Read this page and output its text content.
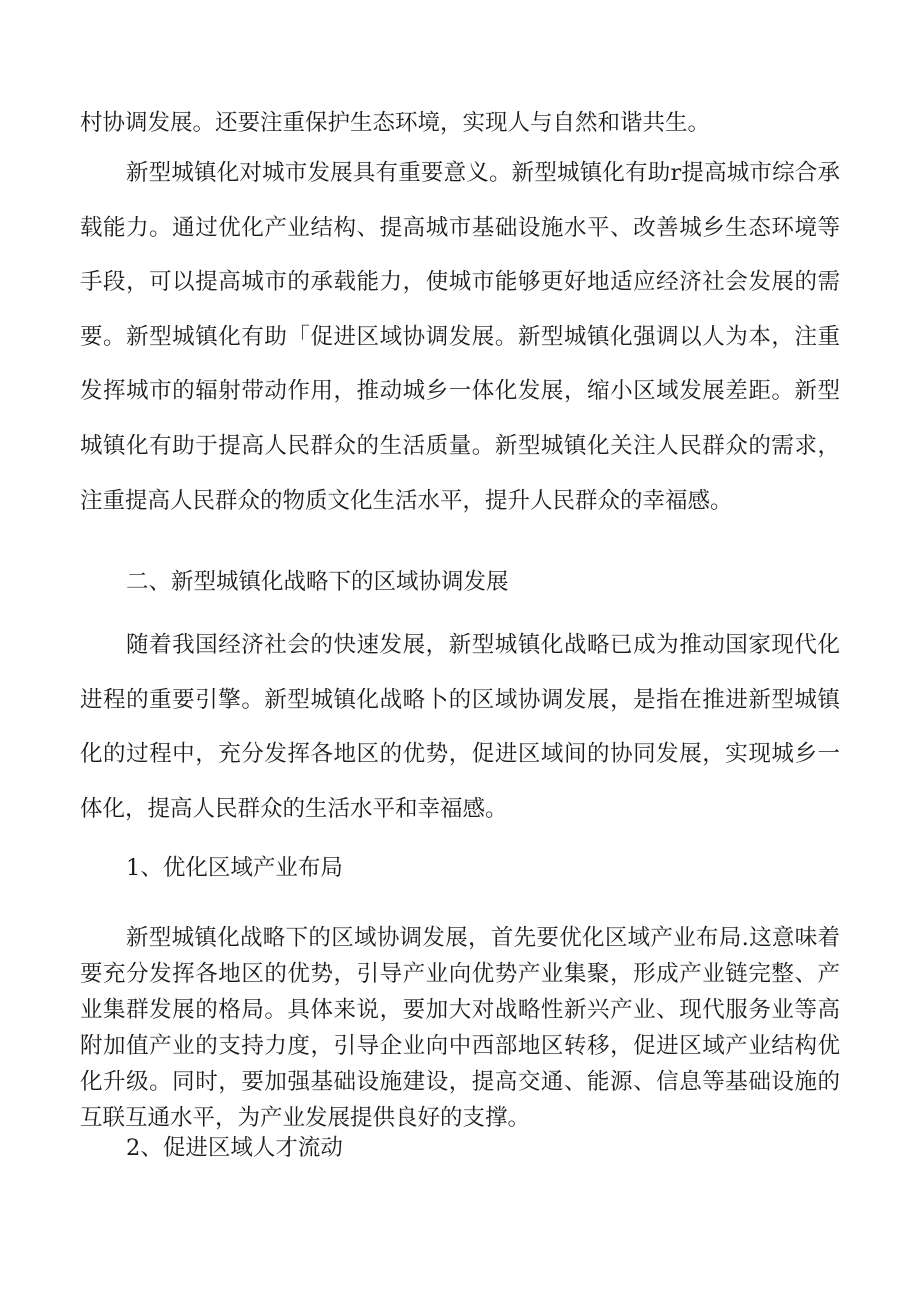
村协调发展。还要注重保护生态环境，实现人与自然和谐共生。

新型城镇化对城市发展具有重要意义。新型城镇化有助r提高城市综合承载能力。通过优化产业结构、提高城市基础设施水平、改善城乡生态环境等手段，可以提高城市的承载能力，使城市能够更好地适应经济社会发展的需要。新型城镇化有助「促进区域协调发展。新型城镇化强调以人为本，注重发挥城市的辐射带动作用，推动城乡一体化发展，缩小区域发展差距。新型城镇化有助于提高人民群众的生活质量。新型城镇化关注人民群众的需求，注重提高人民群众的物质文化生活水平，提升人民群众的幸福感。

二、新型城镇化战略下的区域协调发展

随着我国经济社会的快速发展，新型城镇化战略已成为推动国家现代化进程的重要引擎。新型城镇化战略卜的区域协调发展，是指在推进新型城镇化的过程中，充分发挥各地区的优势，促进区域间的协同发展，实现城乡一体化，提高人民群众的生活水平和幸福感。

1、优化区域产业布局

新型城镇化战略下的区域协调发展，首先要优化区域产业布局.这意味着要充分发挥各地区的优势，引导产业向优势产业集聚，形成产业链完整、产业集群发展的格局。具体来说，要加大对战略性新兴产业、现代服务业等高附加值产业的支持力度，引导企业向中西部地区转移，促进区域产业结构优化升级。同时，要加强基础设施建设，提高交通、能源、信息等基础设施的互联互通水平，为产业发展提供良好的支撑。

2、促进区域人才流动
